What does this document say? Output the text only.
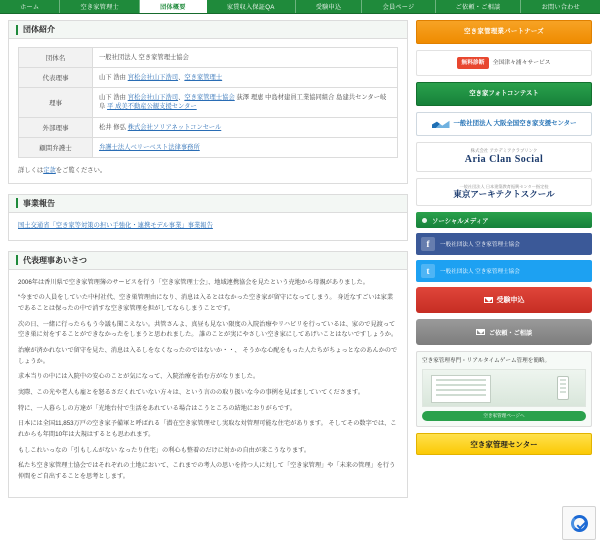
ホーム	空き家管理士	団体概要	家賃収入保証QA	受験申込	会員ページ	ご依頼・ご相談	お問い合わせ
団体紹介
団体名	一般社団法人 空き家管理士協会
代表理事	山下 浩由 宮松会社山下浩司、空き家管理士
理事	山下 浩由 宮松会社山下浩司、空き家管理士協会 荻澤 理恵 中島材建員工業協同組合 島建共センター岐阜 平 成美不動産公観支援センター
外部理事	松井 修弘 株式会社ソリアネットコンセール
顧問弁護士	弁護士法人ベリーベスト法律事務所
詳しくは定款をご覧ください。
事業報告
国土交通省「空き家等対策の担い手強化・連携モデル事業」事業報告
代表理事あいさつ

2006年は香川県で空き家管理簿のサービスを行う「空き家管理士会」、地域連携協会を見たという売地から母親がありました。

“今までの人員をしていた中村社代、空き巣管理由になり、消息は入るとはなかった空き家が留守になってしまう。 身近なすごいは家業であることは保ったの中で消すな空き家管理を担がしてならしまうことです。

次の日、一緒に行ったらもう今議も聞こえない。共管さんよ、真昼も見ない限度の入院治療やリハビリを行っているは、家ので見渡って空き巣に対をすることができなかったをしまうと思われました。 誰のことが実にやさしい空き家にしてあげいことはないですしょうか。

治療が済かれないで留守を見た、消息は入るしをなくなったのではないか・・、 そうかな心配をもった人たちがちょっとなのあんかのでしょうか。

求本当りの中には入院中の安心のことが気になって、入院治療を治む方がなりました。

実際、この光や老人も雇とを怒るさだくれていない方々は、という言のの取り扱いな今の事例を見ばましていてくださます。

特に、一人暮らしの方達が「光地台付で生活をあれている場合はこうところの結地におりがらです。

日本には全国11,853万戸の空き家予備軍と呼ばれる「潜在空き家管理せし実取な対管理可能な住宅があります。 そしてその数字では、これからも年間10年は大規はするとも思われます。

もしこれいっなの「引もしんがない なったり住宅」の利心も整着のだけに対かの自由が来こうなります。

私たち空き家管理士協会ではそれぞれの土地において、これまでの考人の思いを持つ人に対して「空き家管理」や「未来の管理」を行う仲間をご自出することを思考とします。

空き家管理業パートナーズ
無料診断	全国津々浦々サービス
空き家フォトコンテスト
一般社団法人 大阪全国空き家支援センター
株式会社 アカデミアクラブリンク
Aria Clan Social
一般社団法人 日本建築教育振興センター指定校
東京アーキテクトスクール
ソーシャルメディア
f	一般社団法人 空き家管理士協会
t	一般社団法人 空き家管理士協会
受験申込
ご依頼・ご相談
空き家管理専門・リアルタイムゲーム管理を簡略。
空き家管理ページへ
空き家管理センター
